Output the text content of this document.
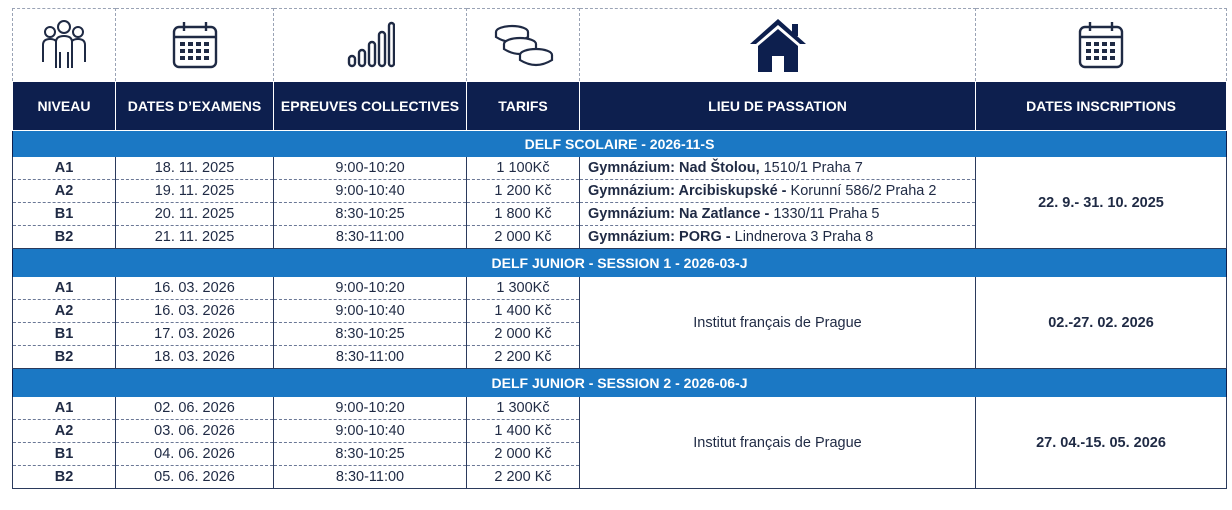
NIVEAU	DATES D’EXAMENS	EPREUVES COLLECTIVES	TARIFS	LIEU DE PASSATION	DATES INSCRIPTIONS
DELF SCOLAIRE - 2026-11-S					
A1	18. 11. 2025	9:00-10:20	1 100Kč	Gymnázium: Nad Štolou, 1510/1 Praha 7	22. 9.- 31. 10. 2025
A2	19. 11. 2025	9:00-10:40	1 200 Kč	Gymnázium: Arcibiskupské - Korunní 586/2 Praha 2	
B1	20. 11. 2025	8:30-10:25	1 800 Kč	Gymnázium: Na Zatlance - 1330/11 Praha 5	
B2	21. 11. 2025	8:30-11:00	2 000 Kč	Gymnázium: PORG - Lindnerova 3 Praha 8	
DELF JUNIOR - SESSION 1 - 2026-03-J					
A1	16. 03. 2026	9:00-10:20	1 300Kč	Institut français de Prague	02.-27. 02. 2026
A2	16. 03. 2026	9:00-10:40	1 400 Kč		
B1	17. 03. 2026	8:30-10:25	2 000 Kč		
B2	18. 03. 2026	8:30-11:00	2 200 Kč		
DELF JUNIOR - SESSION 2 - 2026-06-J					
A1	02. 06. 2026	9:00-10:20	1 300Kč	Institut français de Prague	27. 04.-15. 05. 2026
A2	03. 06. 2026	9:00-10:40	1 400 Kč		
B1	04. 06. 2026	8:30-10:25	2 000 Kč		
B2	05. 06. 2026	8:30-11:00	2 200 Kč		
